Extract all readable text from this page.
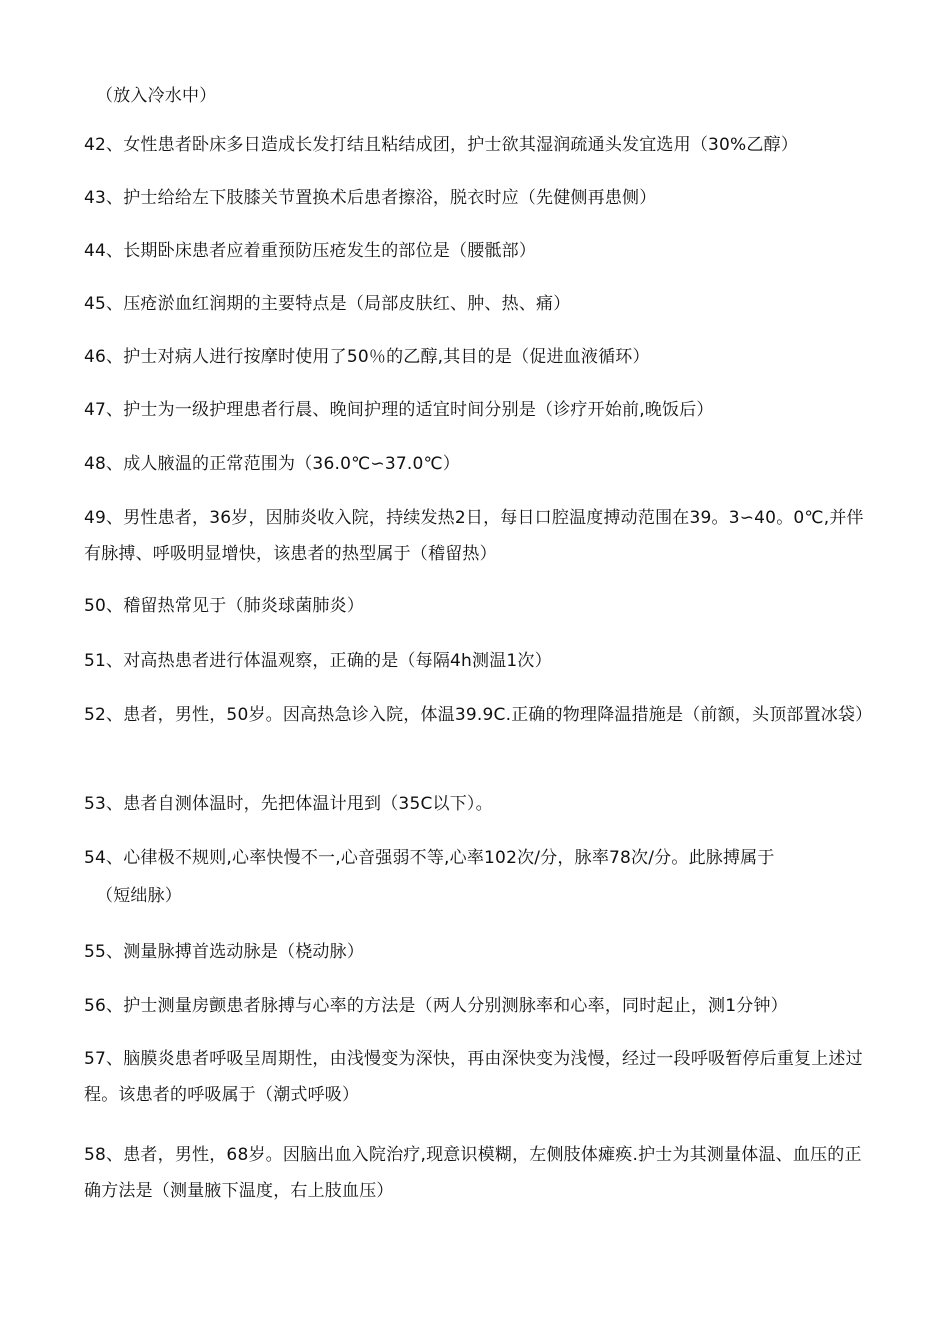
（放入冷水中）
42、女性患者卧床多日造成长发打结且粘结成团，护士欲其湿润疏通头发宜选用（30%乙醇）
43、护士给给左下肢膝关节置换术后患者擦浴，脱衣时应（先健侧再患侧）
44、长期卧床患者应着重预防压疮发生的部位是（腰骶部）
45、压疮淤血红润期的主要特点是（局部皮肤红、肿、热、痛）
46、护士对病人进行按摩时使用了50％的乙醇,其目的是（促进血液循环）
47、护士为一级护理患者行晨、晚间护理的适宜时间分别是（诊疗开始前,晚饭后）
48、成人腋温的正常范围为（36.0℃∽37.0℃）
49、男性患者，36岁，因肺炎收入院，持续发热2日，每日口腔温度搏动范围在39。3∽40。0℃,并伴有脉搏、呼吸明显增快，该患者的热型属于（稽留热）
50、稽留热常见于（肺炎球菌肺炎）
51、对高热患者进行体温观察，正确的是（每隔4h测温1次）
52、患者，男性，50岁。因高热急诊入院，体温39.9C.正确的物理降温措施是（前额，头顶部置冰袋）
53、患者自测体温时，先把体温计甩到（35C以下）。
54、心律极不规则,心率快慢不一,心音强弱不等,心率102次/分，脉率78次/分。此脉搏属于
（短绌脉）
55、测量脉搏首选动脉是（桡动脉）
56、护士测量房颤患者脉搏与心率的方法是（两人分别测脉率和心率，同时起止，测1分钟）
57、脑膜炎患者呼吸呈周期性，由浅慢变为深快，再由深快变为浅慢，经过一段呼吸暂停后重复上述过程。该患者的呼吸属于（潮式呼吸）
58、患者，男性，68岁。因脑出血入院治疗,现意识模糊，左侧肢体瘫痪.护士为其测量体温、血压的正确方法是（测量腋下温度，右上肢血压）
